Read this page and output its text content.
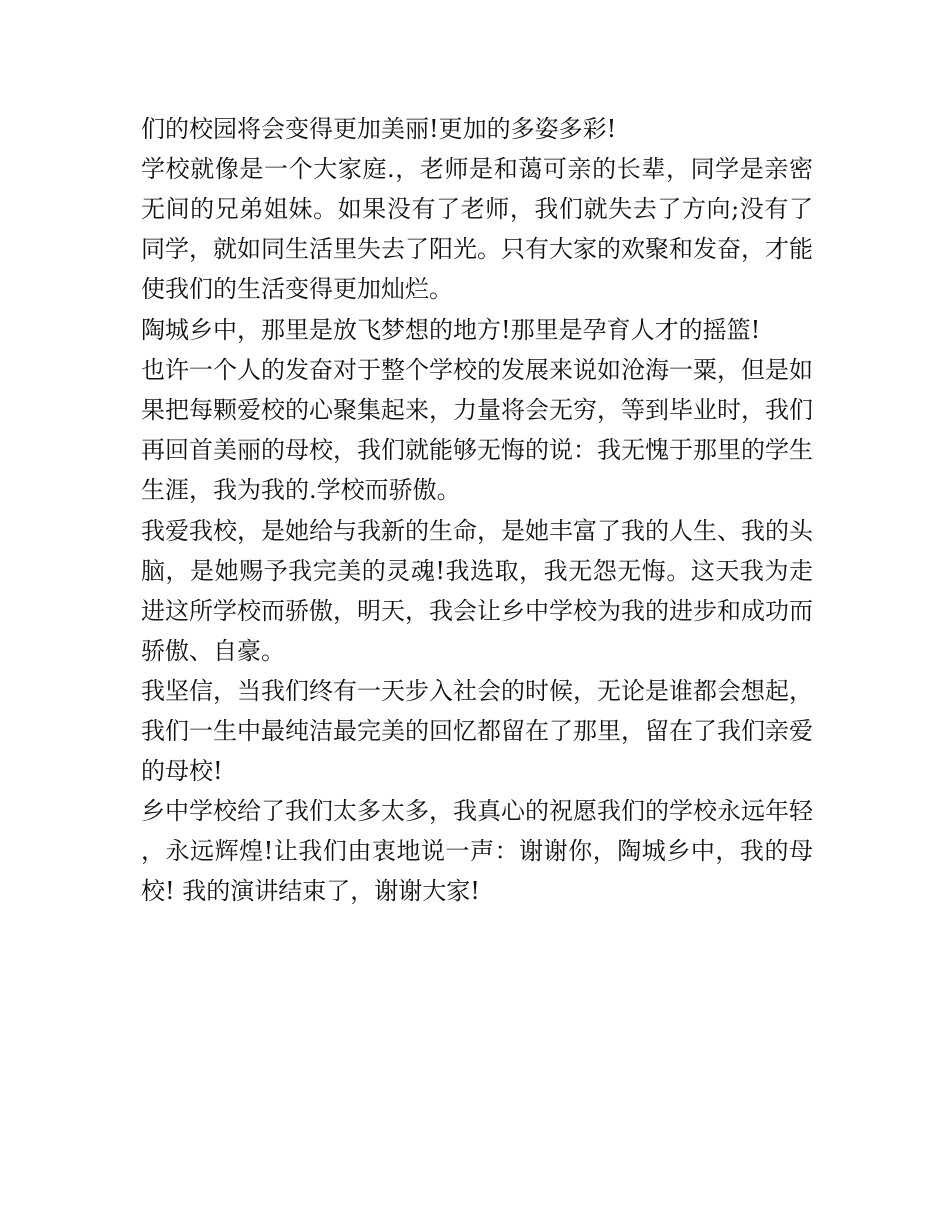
们的校园将会变得更加美丽!更加的多姿多彩!

学校就像是一个大家庭.，老师是和蔼可亲的长辈，同学是亲密无间的兄弟姐妹。如果没有了老师，我们就失去了方向;没有了同学，就如同生活里失去了阳光。只有大家的欢聚和发奋，才能使我们的生活变得更加灿烂。

陶城乡中，那里是放飞梦想的地方!那里是孕育人才的摇篮!

也许一个人的发奋对于整个学校的发展来说如沧海一粟，但是如果把每颗爱校的心聚集起来，力量将会无穷，等到毕业时，我们再回首美丽的母校，我们就能够无悔的说：我无愧于那里的学生生涯，我为我的.学校而骄傲。

我爱我校，是她给与我新的生命，是她丰富了我的人生、我的头脑，是她赐予我完美的灵魂!我选取，我无怨无悔。这天我为走进这所学校而骄傲，明天，我会让乡中学校为我的进步和成功而骄傲、自豪。

我坚信，当我们终有一天步入社会的时候，无论是谁都会想起，我们一生中最纯洁最完美的回忆都留在了那里，留在了我们亲爱的母校!

乡中学校给了我们太多太多，我真心的祝愿我们的学校永远年轻，永远辉煌!让我们由衷地说一声：谢谢你，陶城乡中，我的母校! 我的演讲结束了，谢谢大家!
